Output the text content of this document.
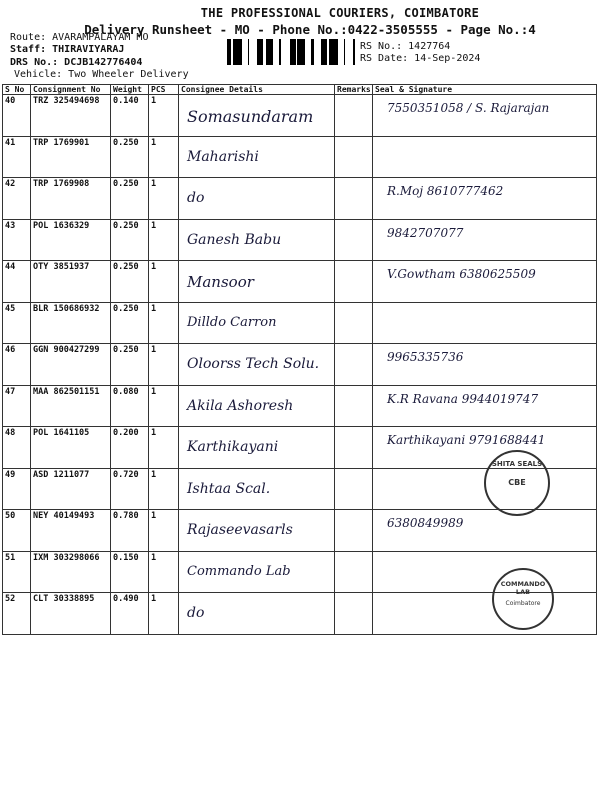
THE PROFESSIONAL COURIERS, COIMBATORE
Delivery Runsheet - MO - Phone No.:0422-3505555 - Page No.:4
Route: AVARAMPALAYAM MO
Staff: THIRAVIYARAJ
DRS No.: DCJB142776404
Vehicle: Two Wheeler Delivery
RS No.: 1427764
RS Date: 14-Sep-2024
S No	Consignment No	Weight	PCS	Consignee Details	Remarks	Seal & Signature
40	TRZ 325494698	0.140	1	Somasundaram		7550351058 / S. Rajarajan

41	TRP 1769901	0.250	1	Maharishi		

42	TRP 1769908	0.250	1	do		R.Moj 8610777462

43	POL 1636329	0.250	1	Ganesh Babu		9842707077

44	OTY 3851937	0.250	1	Mansoor		V.Gowtham 6380625509

45	BLR 150686932	0.250	1	Dilldo Carron		

46	GGN 900427299	0.250	1	Oloorss Tech Solu.		9965335736

47	MAA 862501151	0.080	1	Akila Ashoresh		K.R Ravana 9944019747

48	POL 1641105	0.200	1	Karthikayani		Karthikayani 9791688441

49	ASD 1211077	0.720	1	Ishtaa Scal.		

50	NEY 40149493	0.780	1	Rajaseevasarls		6380849989

51	IXM 303298066	0.150	1	Commando Lab		

52	CLT 30338895	0.490	1	do		

SHITA SEALS
CBE
COMMANDO LAB
Coimbatore
